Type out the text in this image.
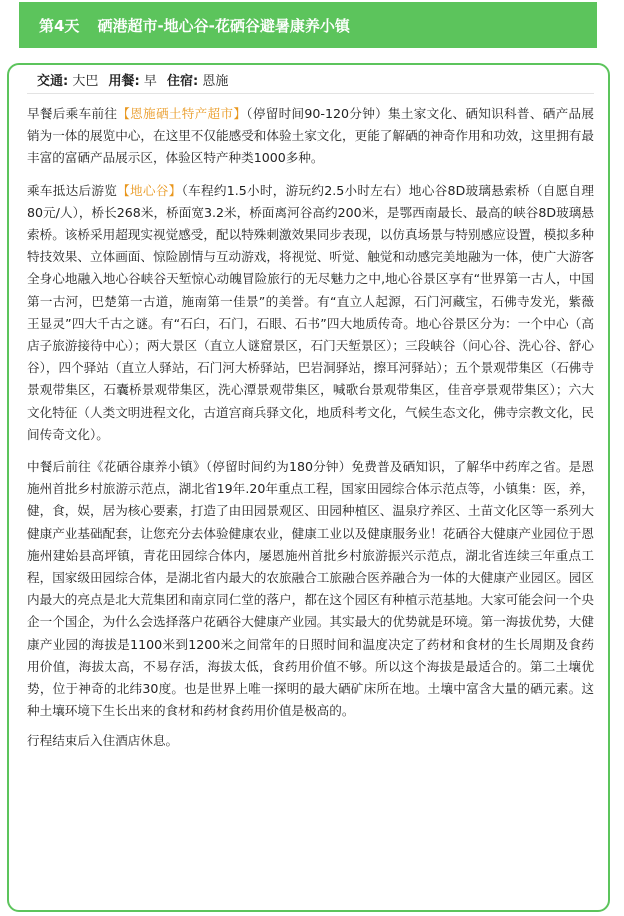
第4天 硒港超市-地心谷-花硒谷避暑康养小镇
交通: 大巴 用餐: 早 住宿: 恩施

早餐后乘车前往【恩施硒土特产超市】（停留时间90-120分钟）集土家文化、硒知识科普、硒产品展销为一体的展览中心，在这里不仅能感受和体验土家文化，更能了解硒的神奇作用和功效，这里拥有最丰富的富硒产品展示区，体验区特产种类1000多种。

乘车抵达后游览【地心谷】（车程约1.5小时，游玩约2.5小时左右）地心谷8D玻璃悬索桥（自愿自理80元/人），桥长268米，桥面宽3.2米，桥面离河谷高约200米，是鄂西南最长、最高的峡谷8D玻璃悬索桥。该桥采用超现实视觉感受，配以特殊刺激效果同步表现，以仿真场景与特别感应设置，模拟多种特技效果、立体画面、惊险剧情与互动游戏，将视觉、听觉、触觉和动感完美地融为一体，使广大游客全身心地融入地心谷峡谷天堑惊心动魄冒险旅行的无尽魅力之中,地心谷景区享有“世界第一古人，中国第一古河，巴楚第一古道，施南第一佳景”的美誉。有“直立人起源，石门河藏宝，石佛寺发光，紫薇王显灵”四大千古之谜。有“石臼，石门，石眼、石书”四大地质传奇。地心谷景区分为：一个中心（高店子旅游接待中心）；两大景区（直立人谜窟景区，石门天堑景区）；三段峡谷（问心谷、洗心谷、舒心谷），四个驿站（直立人驿站，石门河大桥驿站，巴岩洞驿站，擦耳河驿站）；五个景观带集区（石佛寺景观带集区，石囊桥景观带集区，洗心潭景观带集区，喊歌台景观带集区，佳音亭景观带集区）；六大文化特征（人类文明进程文化，古道宫商兵驿文化，地质科考文化，气候生态文化，佛寺宗教文化，民间传奇文化）。

中餐后前往《花硒谷康养小镇》（停留时间约为180分钟）免费普及硒知识，了解华中药库之省。是恩施州首批乡村旅游示范点，湖北省19年.20年重点工程，国家田园综合体示范点等，小镇集：医，养，健，食，娱，居为核心要素，打造了由田园景观区、田园种植区、温泉疗养区、土苗文化区等一系列大健康产业基础配套，让您充分去体验健康农业，健康工业以及健康服务业！花硒谷大健康产业园位于恩施州建始县高坪镇，青花田园综合体内，屡恩施州首批乡村旅游振兴示范点，湖北省连续三年重点工程，国家级田园综合体，是湖北省内最大的农旅融合工旅融合医养融合为一体的大健康产业园区。园区内最大的亮点是北大荒集团和南京同仁堂的落户，都在这个园区有种植示范基地。大家可能会问一个央企一个国企，为什么会选择落户花硒谷大健康产业园。其实最大的优势就是环境。第一海拔优势，大健康产业园的海拔是1100米到1200米之间常年的日照时间和温度决定了药材和食材的生长周期及食药用价值，海拔太高，不易存活，海拔太低，食药用价值不够。所以这个海拔是最适合的。第二土壤优势，位于神奇的北纬30度。也是世界上唯一探明的最大硒矿床所在地。土壤中富含大量的硒元素。这种土壤环境下生长出来的食材和药材食药用价值是极高的。

行程结束后入住酒店休息。
